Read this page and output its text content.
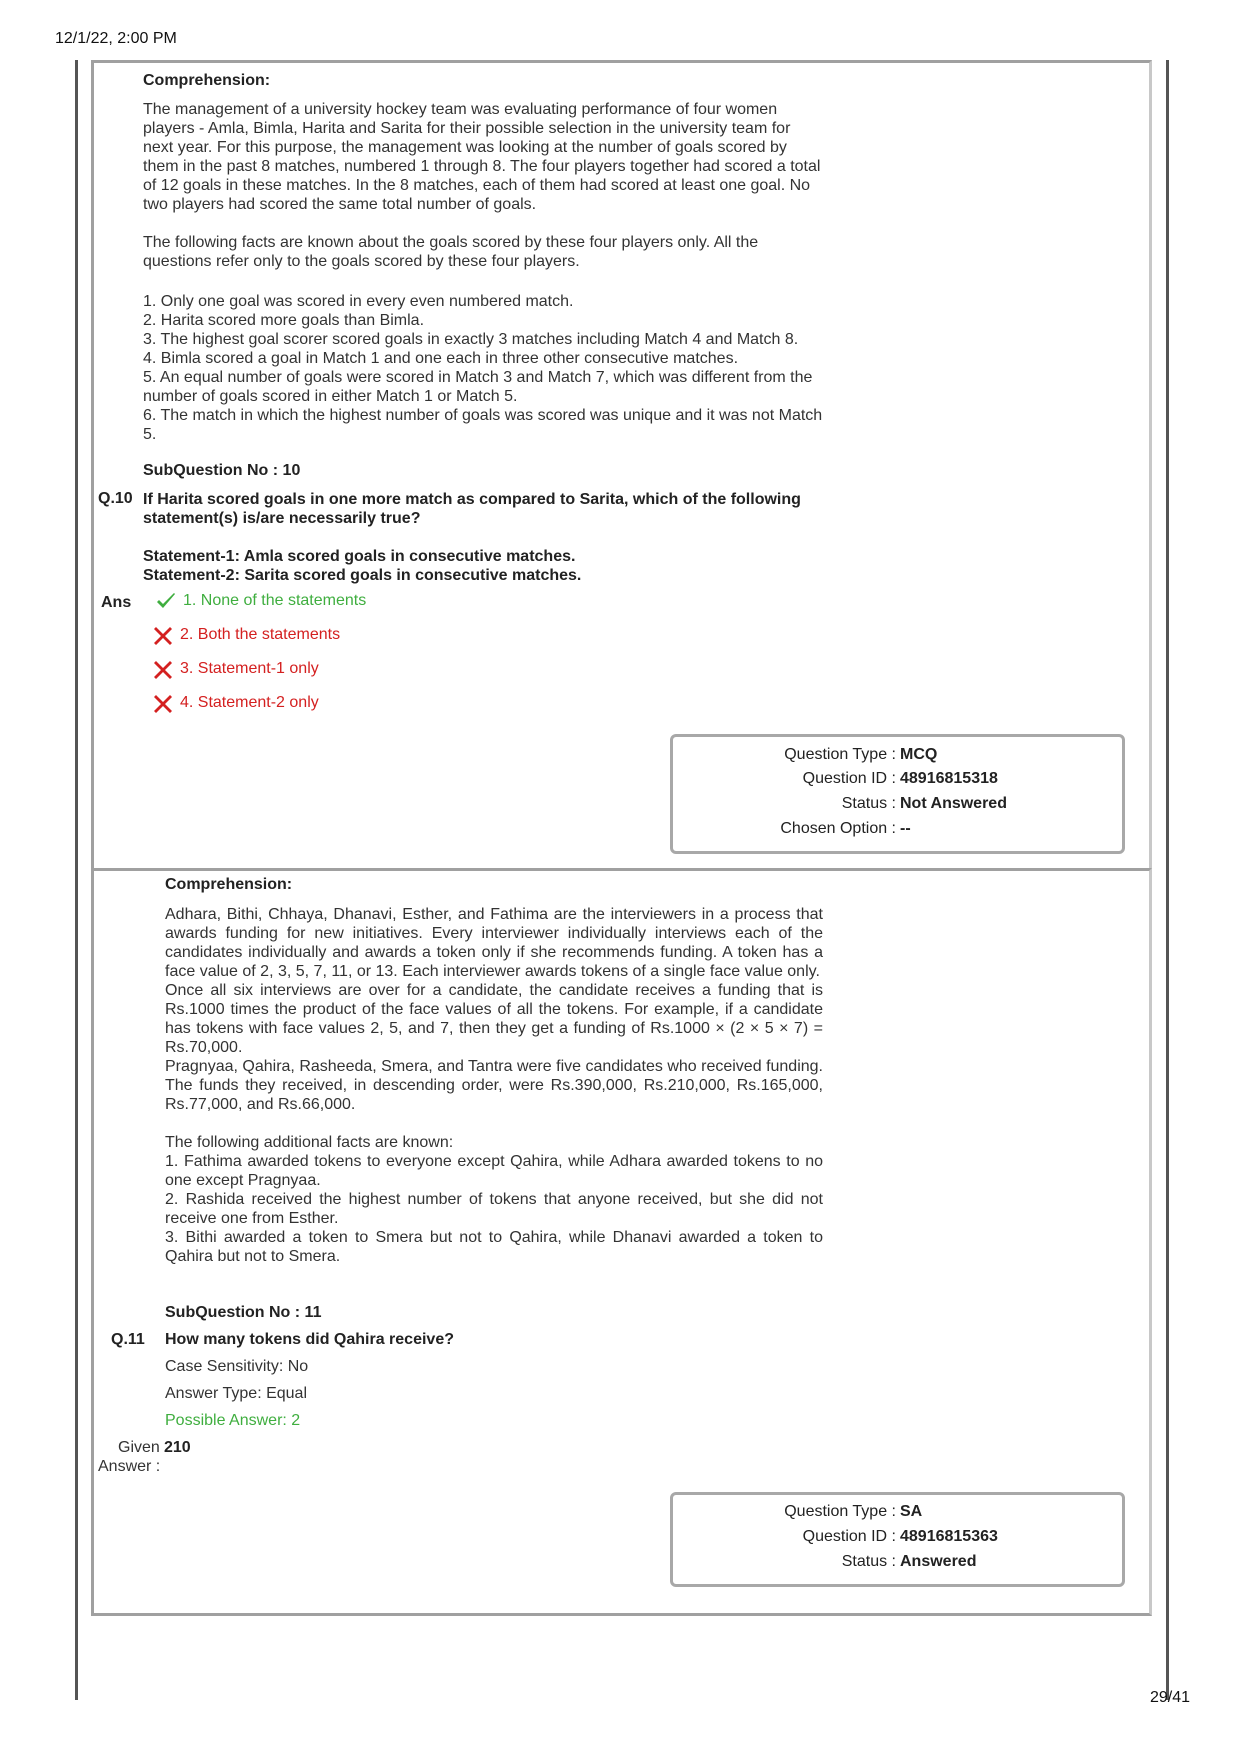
12/1/22, 2:00 PM
Comprehension:

The management of a university hockey team was evaluating performance of four women players - Amla, Bimla, Harita and Sarita for their possible selection in the university team for next year. For this purpose, the management was looking at the number of goals scored by them in the past 8 matches, numbered 1 through 8. The four players together had scored a total of 12 goals in these matches. In the 8 matches, each of them had scored at least one goal. No two players had scored the same total number of goals.

The following facts are known about the goals scored by these four players only. All the questions refer only to the goals scored by these four players.

1. Only one goal was scored in every even numbered match.

2. Harita scored more goals than Bimla.

3. The highest goal scorer scored goals in exactly 3 matches including Match 4 and Match 8.

4. Bimla scored a goal in Match 1 and one each in three other consecutive matches.

5. An equal number of goals were scored in Match 3 and Match 7, which was different from the number of goals scored in either Match 1 or Match 5.

6. The match in which the highest number of goals was scored was unique and it was not Match 5.

SubQuestion No : 10
Q.10 If Harita scored goals in one more match as compared to Sarita, which of the following statement(s) is/are necessarily true?
Statement-1: Amla scored goals in consecutive matches.
Statement-2: Sarita scored goals in consecutive matches.
Ans	1. None of the statements
2. Both the statements
3. Statement-1 only
4. Statement-2 only
Question Type : MCQ
Question ID : 48916815318
Status : Not Answered
Chosen Option : --
Comprehension:

Adhara, Bithi, Chhaya, Dhanavi, Esther, and Fathima are the interviewers in a process that awards funding for new initiatives. Every interviewer individually interviews each of the candidates individually and awards a token only if she recommends funding. A token has a face value of 2, 3, 5, 7, 11, or 13. Each interviewer awards tokens of a single face value only.

Once all six interviews are over for a candidate, the candidate receives a funding that is Rs.1000 times the product of the face values of all the tokens. For example, if a candidate has tokens with face values 2, 5, and 7, then they get a funding of Rs.1000 × (2 × 5 × 7) = Rs.70,000.

Pragnyaa, Qahira, Rasheeda, Smera, and Tantra were five candidates who received funding. The funds they received, in descending order, were Rs.390,000, Rs.210,000, Rs.165,000, Rs.77,000, and Rs.66,000.

The following additional facts are known:

1. Fathima awarded tokens to everyone except Qahira, while Adhara awarded tokens to no one except Pragnyaa.

2. Rashida received the highest number of tokens that anyone received, but she did not receive one from Esther.

3. Bithi awarded a token to Smera but not to Qahira, while Dhanavi awarded a token to Qahira but not to Smera.

SubQuestion No : 11
Q.11 How many tokens did Qahira receive?
Case Sensitivity: No
Answer Type: Equal
Possible Answer: 2
Given
Answer :
210
Question Type : SA
Question ID : 48916815363
Status : Answered
29/41
